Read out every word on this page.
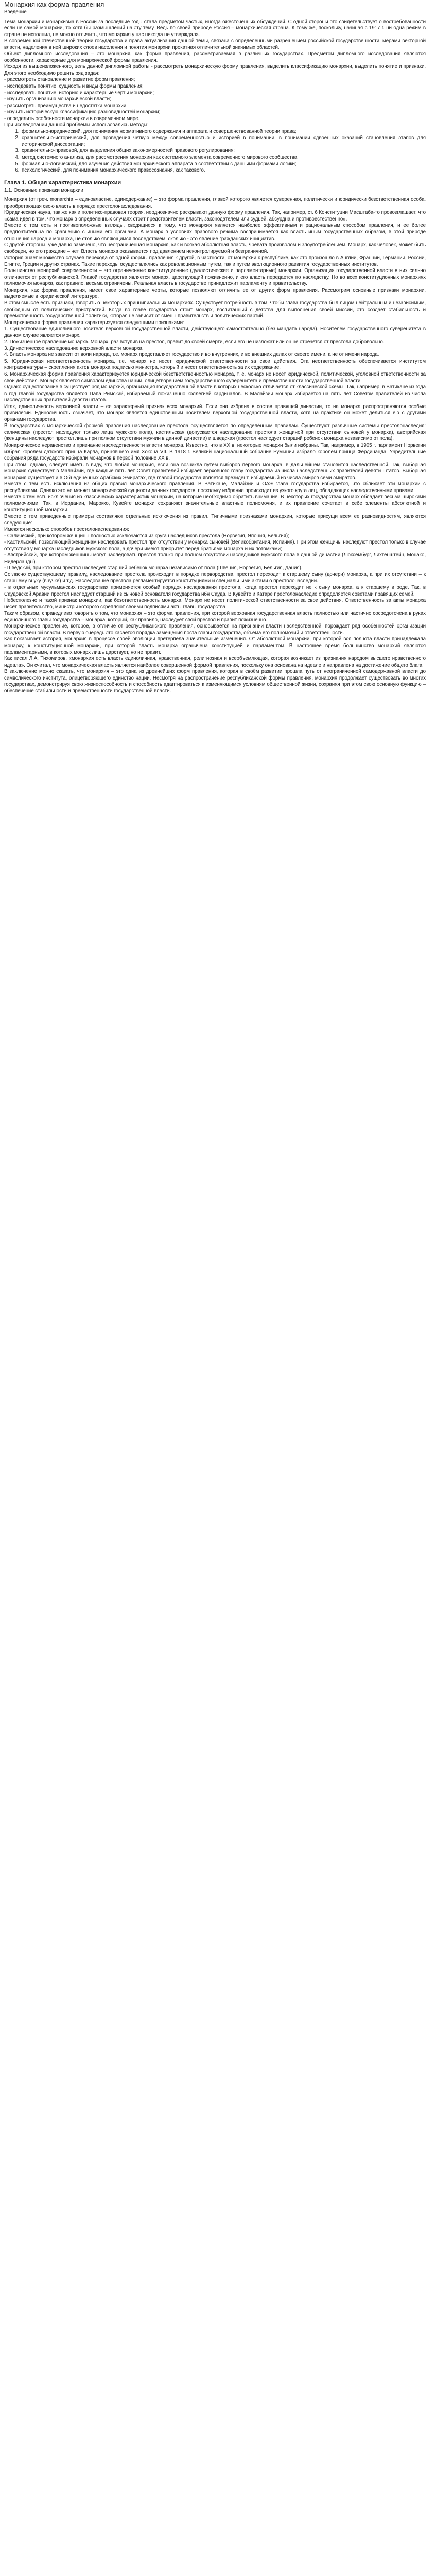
Монархия как форма правления
Введение

Тема монархии и монархизма в России за последние годы стала предметом частых, иногда ожесточённых обсуждений. С одной стороны это свидетельствует о востребованности если не самой монархии, то хотя бы размышлений на эту тему. Ведь по своей природе Россия – монархическая страна. К тому же, поскольку, начиная с 1917 г. ни одна режим в стране не исполнил, не можно отличить, что монархия у нас никогда не утверждала.

В современной отечественной теории государства и права актуализация данной темы, связана с определёнными разрешением российской государственности, мерами векторной власти, наделения в ней широких слоев населения и понятия монархии прокатная отличительной значимых областей.

Объект дипломного исследования – это монархия, как форма правления, рассматриваемая в различных государствах. Предметом дипломного исследования являются особенности, характерные для монархической формы правления.

Исходя из вышеизложенного, цель данной дипломной работы - рассмотреть монархическую форму правления, выделить классификацию монархии, выделить понятие и признаки. Для этого необходимо решить ряд задач:

- рассмотреть становление и развитие форм правления;

- исследовать понятие, сущность и виды формы правления;

- исследовать понятие, историю и характерные черты монархии;

- изучить организацию монархической власти;

- рассмотреть преимущества и недостатки монархии;

- изучить историческую классификацию разновидностей монархии;

- определить особенности монархии в современном мире.

При исследовании данной проблемы использовались методы:

1. формально-юридический, для понимания нормативного содержания и аппарата и совершенствованной теории права;
2. сравнительно-исторический, для проведения четкую между современностью и историей в понимании, в понимании сдвоенных оказаний становления этапов для исторической диссертации;
3. сравнительно-правовой, для выделения общих закономерностей правового регулирования;
4. метод системного анализа, для рассмотрения монархии как системного элемента современного мирового сообщества;
5. формально-логический, для изучения действия монархического аппарата в соответствии с данными формами логики;
6. психологический, для понимания монархического правосознания, как такового.
Глава 1. Общая характеристика монархии
1.1. Основные признаки монархии

Монархия (от греч. monarchia – единовластие, единодержавие) – это форма правления, главой которого является суверенная, политически и юридически безответственная особа, приобретающая свою власть в порядке престолонаследования.

Юридическая наука, так же как и политико-правовая теория, неоднозначно раскрывают данную форму правления. Так, например, ст. 6 Конституции Масштаба-то провозглашает, что «сама идея в том, что монарх в определенных случаях стоит представителем власти, законодателем или судьей, абсурдна и противоестественно».

Вместе с тем есть и противоположные взгляды, сводящиеся к тому, что монархия является наиболее эффективным и рациональным способом правления, и ее более предпочтительна по сравнению с иными его органами. А монарх в условиях правового режима воспринимается как власть иным государственных образом, в этой природе отношения народа и монарха, не столько являющимся последствием, сколько - это явление гражданских инициатив.

С другой стороны, уже давно замечено, что неограниченная монархия, как и всякая абсолютная власть, чревата произволом и злоупотреблением. Монарх, как человек, может быть свободен, но его граждане – нет. Власть монарха оказывается под давлением неконтролируемой и безграничной.

История знает множество случаев перехода от одной формы правления к другой, в частности, от монархии к республике, как это произошло в Англии, Франции, Германии, России, Египте, Греции и других странах. Такие переходы осуществлялись как революционным путем, так и путем эволюционного развития государственных институтов.

Большинство монархий современности – это ограниченные конституционные (дуалистические и парламентарные) монархии. Организация государственной власти в них сильно отличается от республиканской. Главой государства является монарх, царствующий пожизненно, и его власть передается по наследству. Но во всех конституционных монархиях полномочия монарха, как правило, весьма ограничены. Реальная власть в государстве принадлежит парламенту и правительству.

Монархия, как форма правления, имеет свои характерные черты, которые позволяют отличить ее от других форм правления. Рассмотрим основные признаки монархии, выделяемые в юридической литературе.

В этом смысле есть признаки, говорить о некоторых принципиальных монархиях. Существует потребность в том, чтобы глава государства был лицом нейтральным и независимым, свободным от политических пристрастий. Когда во главе государства стоит монарх, воспитанный с детства для выполнения своей миссии, это создает стабильность и преемственность государственной политики, которая не зависит от смены правительств и политических партий.

Монархическая форма правления характеризуется следующими признаками:

1. Существование единоличного носителя верховной государственной власти, действующего самостоятельно (без мандата народа). Носителем государственного суверенитета в данном случае является монарх.

2. Пожизненное правление монарха. Монарх, раз вступив на престол, правит до своей смерти, если его не низложат или он не отречется от престола добровольно.

3. Династическое наследование верховной власти монарха.

4. Власть монарха не зависит от воли народа, т.е. монарх представляет государство и во внутренних, и во внешних делах от своего имени, а не от имени народа.

5. Юридическая неответственность монарха, т.е. монарх не несет юридической ответственности за свои действия. Эта неответственность обеспечивается институтом контрасигнатуры – скрепления актов монарха подписью министра, который и несет ответственность за их содержание.

6. Монархическая форма правления характеризуется юридической безответственностью монарха, т. е. монарх не несет юридической, политической, уголовной ответственности за свои действия. Монарх является символом единства нации, олицетворением государственного суверенитета и преемственности государственной власти.

Однако существование в существует ряд монархий, организация государственной власти в которых несколько отличается от классической схемы. Так, например, в Ватикане из года в год главой государства является Папа Римский, избираемый пожизненно коллегией кардиналов. В Малайзии монарх избирается на пять лет Советом правителей из числа наследственных правителей девяти штатов.

Итак, единоличность верховной власти – ее характерный признак всех монархий. Если она избрана в состав правящей династии, то на монарха распространяются особые привилегии. Единоличность означает, что монарх является единственным носителем верховной государственной власти, хотя на практике он может делиться ею с другими органами государства.

В государствах с монархической формой правления наследование престола осуществляется по определённым правилам. Существуют различные системы престолонаследия: салическая (престол наследуют только лица мужского пола), кастильская (допускается наследование престола женщиной при отсутствии сыновей у монарха), австрийская (женщины наследуют престол лишь при полном отсутствии мужчин в данной династии) и шведская (престол наследует старший ребенок монарха независимо от пола).

Монархическое неравенство и признание наследственности власти монарха. Известно, что в XX в. некоторые монархи были избраны. Так, например, в 1905 г. парламент Норвегии избрал королем датского принца Карла, принявшего имя Хокона VII. В 1918 г. Великий национальный собрание Румынии избрало королем принца Фердинанда. Учредительные собрания ряда государств избирали монархов в первой половине XX в.

При этом, однако, следует иметь в виду, что любая монархия, если она возникла путем выборов первого монарха, в дальнейшем становится наследственной. Так, выборная монархия существует в Малайзии, где каждые пять лет Совет правителей избирает верховного главу государства из числа наследственных правителей девяти штатов. Выборная монархия существует и в Объединённых Арабских Эмиратах, где главой государства является президент, избираемый из числа эмиров семи эмиратов.

Вместе с тем есть исключения из общих правил монархического правления. В Ватикане, Малайзии и ОАЭ глава государства избирается, что сближает эти монархии с республиками. Однако это не меняет монархической сущности данных государств, поскольку избрание происходит из узкого круга лиц, обладающих наследственными правами.

Вместе с тем есть исключения из классических характеристик монархии, на которые необходимо обратить внимание. В некоторых государствах монарх обладает весьма широкими полномочиями. Так, в Иордании, Марокко, Кувейте монархи сохраняют значительные властные полномочия, и их правление сочетает в себе элементы абсолютной и конституционной монархии.

Вместе с тем приведенные примеры составляют отдельные исключения из правил. Типичными признаками монархии, которые присущи всем ее разновидностям, являются следующие:

Имеются несколько способов престолонаследования:

- Салический, при котором женщины полностью исключаются из круга наследников престола (Норвегия, Япония, Бельгия);

- Кастильский, позволяющий женщинам наследовать престол при отсутствии у монарха сыновей (Великобритания, Испания). При этом женщины наследуют престол только в случае отсутствия у монарха наследников мужского пола, а дочери имеют приоритет перед братьями монарха и их потомками;

- Австрийский, при котором женщины могут наследовать престол только при полном отсутствии наследников мужского пола в данной династии (Люксембург, Лихтенштейн, Монако, Нидерланды).

- Шведский, при котором престол наследует старший ребенок монарха независимо от пола (Швеция, Норвегия, Бельгия, Дания).

Согласно существующему правилу, наследование престола происходит в порядке первородства: престол переходит к старшему сыну (дочери) монарха, а при их отсутствии – к старшему внуку (внучке) и т.д. Наследование престола регламентируется конституциями и специальными актами о престолонаследии.

- в отдельных мусульманских государствах применяется особый порядок наследования престола, когда престол переходит не к сыну монарха, а к старшему в роде. Так, в Саудовской Аравии престол наследует старший из сыновей основателя государства ибн Сауда. В Кувейте и Катаре престолонаследие определяется советами правящих семей.

Небесполезно и такой признак монархии, как безответственность монарха. Монарх не несет политической ответственности за свои действия. Ответственность за акты монарха несет правительство, министры которого скрепляют своими подписями акты главы государства.

Таким образом, справедливо говорить о том, что монархия – это форма правления, при которой верховная государственная власть полностью или частично сосредоточена в руках единоличного главы государства – монарха, который, как правило, наследует свой престол и правит пожизненно.

Монархическое правление, которое, в отличие от республиканского правления, основывается на признании власти наследственной, порождает ряд особенностей организации государственной власти. В первую очередь это касается порядка замещения поста главы государства, объема его полномочий и ответственности.

Как показывает история, монархия в процессе своей эволюции претерпела значительные изменения. От абсолютной монархии, при которой вся полнота власти принадлежала монарху, к конституционной монархии, при которой власть монарха ограничена конституцией и парламентом. В настоящее время большинство монархий являются парламентарными, в которых монарх лишь царствует, но не правит.

Как писал Л.А. Тихомиров, «монархия есть власть единоличная, нравственная, религиозная и всеобъемлющая, которая возникает из признания народом высшего нравственного идеала». Он считал, что монархическая власть является наиболее совершенной формой правления, поскольку она основана на идеале и направлена на достижение общего блага.

В заключение можно сказать, что монархия – это одна из древнейших форм правления, которая в своём развитии прошла путь от неограниченной самодержавной власти до символического института, олицетворяющего единство нации. Несмотря на распространение республиканской формы правления, монархия продолжает существовать во многих государствах, демонстрируя свою жизнеспособность и способность адаптироваться к изменяющимся условиям общественной жизни, сохраняя при этом свою основную функцию – обеспечение стабильности и преемственности государственной власти.
